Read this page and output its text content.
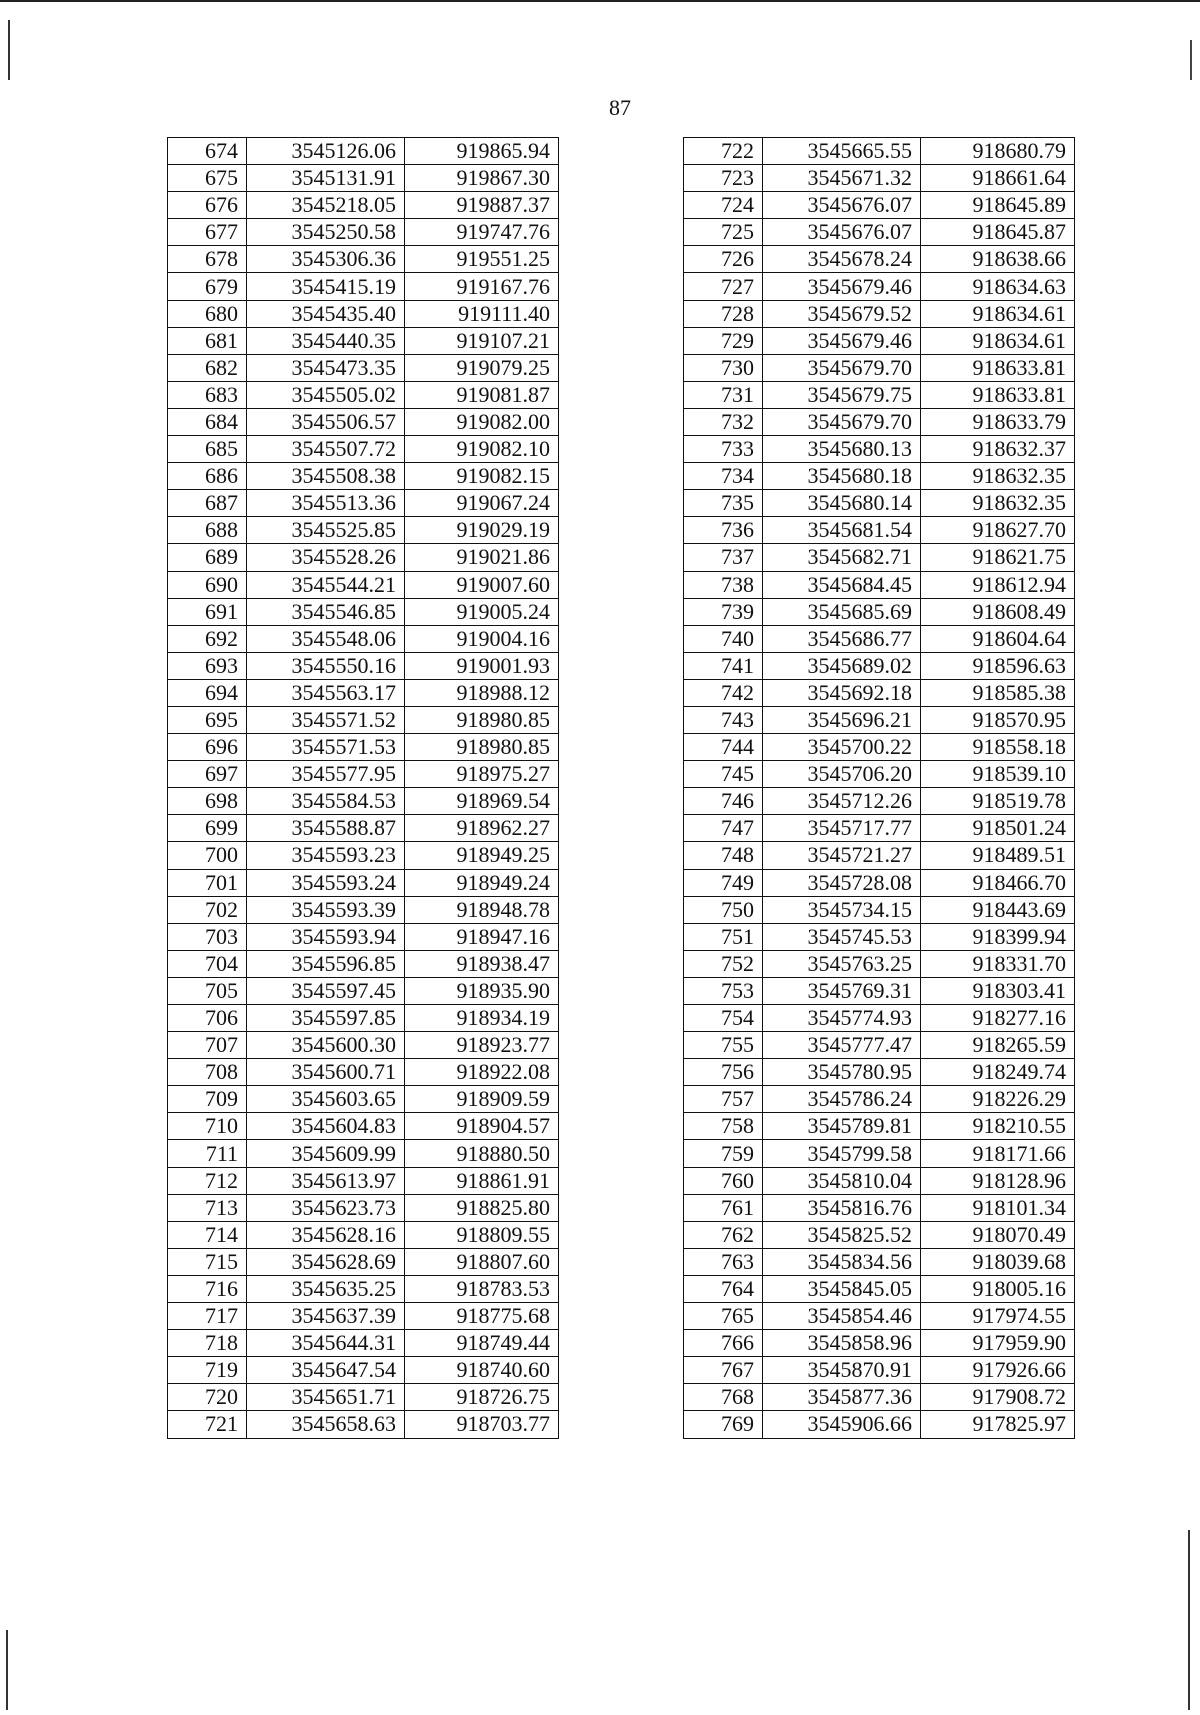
87
674	3545126.06	919865.94
675	3545131.91	919867.30
676	3545218.05	919887.37
677	3545250.58	919747.76
678	3545306.36	919551.25
679	3545415.19	919167.76
680	3545435.40	919111.40
681	3545440.35	919107.21
682	3545473.35	919079.25
683	3545505.02	919081.87
684	3545506.57	919082.00
685	3545507.72	919082.10
686	3545508.38	919082.15
687	3545513.36	919067.24
688	3545525.85	919029.19
689	3545528.26	919021.86
690	3545544.21	919007.60
691	3545546.85	919005.24
692	3545548.06	919004.16
693	3545550.16	919001.93
694	3545563.17	918988.12
695	3545571.52	918980.85
696	3545571.53	918980.85
697	3545577.95	918975.27
698	3545584.53	918969.54
699	3545588.87	918962.27
700	3545593.23	918949.25
701	3545593.24	918949.24
702	3545593.39	918948.78
703	3545593.94	918947.16
704	3545596.85	918938.47
705	3545597.45	918935.90
706	3545597.85	918934.19
707	3545600.30	918923.77
708	3545600.71	918922.08
709	3545603.65	918909.59
710	3545604.83	918904.57
711	3545609.99	918880.50
712	3545613.97	918861.91
713	3545623.73	918825.80
714	3545628.16	918809.55
715	3545628.69	918807.60
716	3545635.25	918783.53
717	3545637.39	918775.68
718	3545644.31	918749.44
719	3545647.54	918740.60
720	3545651.71	918726.75
721	3545658.63	918703.77
722	3545665.55	918680.79
723	3545671.32	918661.64
724	3545676.07	918645.89
725	3545676.07	918645.87
726	3545678.24	918638.66
727	3545679.46	918634.63
728	3545679.52	918634.61
729	3545679.46	918634.61
730	3545679.70	918633.81
731	3545679.75	918633.81
732	3545679.70	918633.79
733	3545680.13	918632.37
734	3545680.18	918632.35
735	3545680.14	918632.35
736	3545681.54	918627.70
737	3545682.71	918621.75
738	3545684.45	918612.94
739	3545685.69	918608.49
740	3545686.77	918604.64
741	3545689.02	918596.63
742	3545692.18	918585.38
743	3545696.21	918570.95
744	3545700.22	918558.18
745	3545706.20	918539.10
746	3545712.26	918519.78
747	3545717.77	918501.24
748	3545721.27	918489.51
749	3545728.08	918466.70
750	3545734.15	918443.69
751	3545745.53	918399.94
752	3545763.25	918331.70
753	3545769.31	918303.41
754	3545774.93	918277.16
755	3545777.47	918265.59
756	3545780.95	918249.74
757	3545786.24	918226.29
758	3545789.81	918210.55
759	3545799.58	918171.66
760	3545810.04	918128.96
761	3545816.76	918101.34
762	3545825.52	918070.49
763	3545834.56	918039.68
764	3545845.05	918005.16
765	3545854.46	917974.55
766	3545858.96	917959.90
767	3545870.91	917926.66
768	3545877.36	917908.72
769	3545906.66	917825.97
